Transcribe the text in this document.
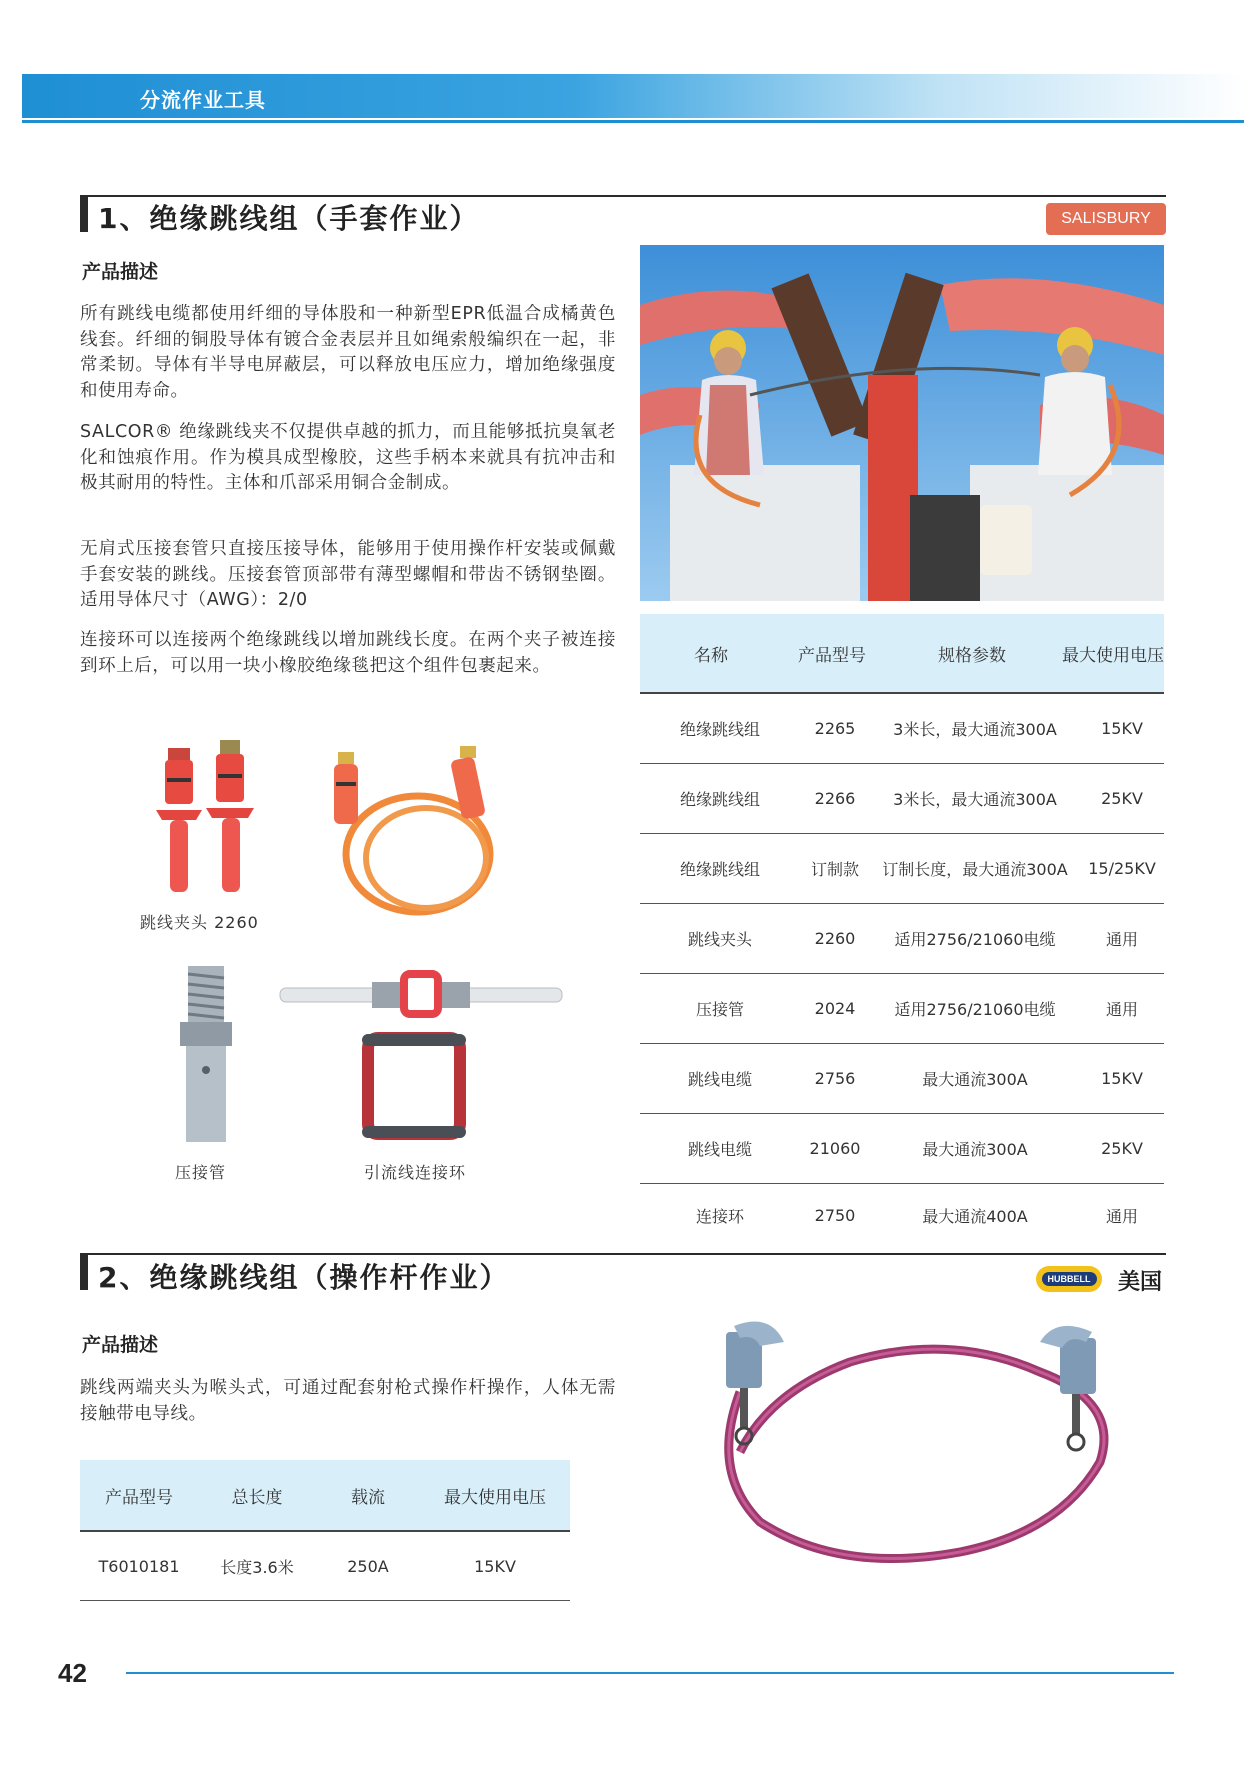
分流作业工具
1、绝缘跳线组（手套作业）	SALISBURY
产品描述
所有跳线电缆都使用纤细的导体股和一种新型EPR低温合成橘黄色线套。纤细的铜股导体有镀合金表层并且如绳索般编织在一起，非常柔韧。导体有半导电屏蔽层，可以释放电压应力，增加绝缘强度和使用寿命。
SALCOR® 绝缘跳线夹不仅提供卓越的抓力，而且能够抵抗臭氧老化和蚀痕作用。作为模具成型橡胶，这些手柄本来就具有抗冲击和极其耐用的特性。主体和爪部采用铜合金制成。
无肩式压接套管只直接压接导体，能够用于使用操作杆安装或佩戴手套安装的跳线。压接套管顶部带有薄型螺帽和带齿不锈钢垫圈。适用导体尺寸（AWG）：2/0
连接环可以连接两个绝缘跳线以增加跳线长度。在两个夹子被连接到环上后，可以用一块小橡胶绝缘毯把这个组件包裹起来。
跳线夹头 2260
压接管	引流线连接环
名称	产品型号	规格参数	最大使用电压
绝缘跳线组	2265	3米长，最大通流300A	15KV
绝缘跳线组	2266	3米长，最大通流300A	25KV
绝缘跳线组	订制款	订制长度，最大通流300A	15/25KV
跳线夹头	2260	适用2756/21060电缆	通用
压接管	2024	适用2756/21060电缆	通用
跳线电缆	2756	最大通流300A	15KV
跳线电缆	21060	最大通流300A	25KV
连接环	2750	最大通流400A	通用
2、绝缘跳线组（操作杆作业）	HUBBELL 美国
产品描述
跳线两端夹头为喉头式，可通过配套射枪式操作杆操作，人体无需接触带电导线。
产品型号	总长度	载流	最大使用电压
T6010181	长度3.6米	250A	15KV
42
